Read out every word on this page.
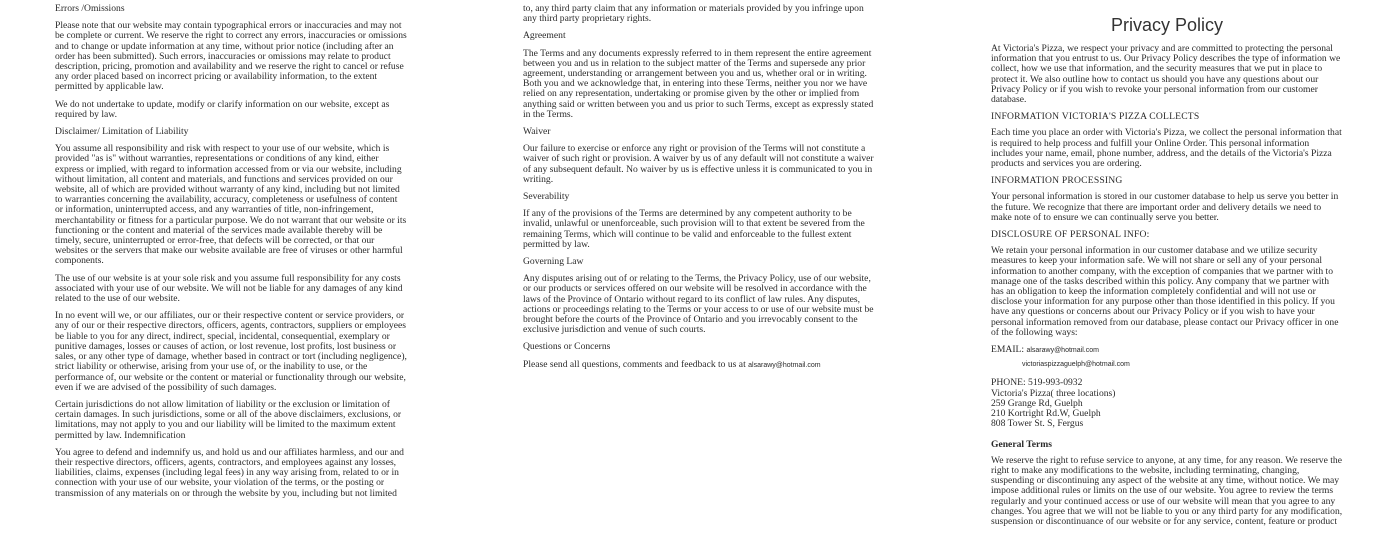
Errors /Omissions

Please note that our website may contain typographical errors or inaccuracies and may not be complete or current. We reserve the right to correct any errors, inaccuracies or omissions and to change or update information at any time, without prior notice (including after an order has been submitted). Such errors, inaccuracies or omissions may relate to product description, pricing, promotion and availability and we reserve the right to cancel or refuse any order placed based on incorrect pricing or availability information, to the extent permitted by applicable law.

We do not undertake to update, modify or clarify information on our website, except as required by law.

Disclaimer/ Limitation of Liability

You assume all responsibility and risk with respect to your use of our website, which is provided "as is" without warranties, representations or conditions of any kind, either express or implied, with regard to information accessed from or via our website, including without limitation, all content and materials, and functions and services provided on our website, all of which are provided without warranty of any kind, including but not limited to warranties concerning the availability, accuracy, completeness or usefulness of content or information, uninterrupted access, and any warranties of title, non-infringement, merchantability or fitness for a particular purpose. We do not warrant that our website or its functioning or the content and material of the services made available thereby will be timely, secure, uninterrupted or error-free, that defects will be corrected, or that our websites or the servers that make our website available are free of viruses or other harmful components.

The use of our website is at your sole risk and you assume full responsibility for any costs associated with your use of our website. We will not be liable for any damages of any kind related to the use of our website.

In no event will we, or our affiliates, our or their respective content or service providers, or any of our or their respective directors, officers, agents, contractors, suppliers or employees be liable to you for any direct, indirect, special, incidental, consequential, exemplary or punitive damages, losses or causes of action, or lost revenue, lost profits, lost business or sales, or any other type of damage, whether based in contract or tort (including negligence), strict liability or otherwise, arising from your use of, or the inability to use, or the performance of, our website or the content or material or functionality through our website, even if we are advised of the possibility of such damages.

Certain jurisdictions do not allow limitation of liability or the exclusion or limitation of certain damages. In such jurisdictions, some or all of the above disclaimers, exclusions, or limitations, may not apply to you and our liability will be limited to the maximum extent permitted by law. Indemnification

You agree to defend and indemnify us, and hold us and our affiliates harmless, and our and their respective directors, officers, agents, contractors, and employees against any losses, liabilities, claims, expenses (including legal fees) in any way arising from, related to or in connection with your use of our website, your violation of the terms, or the posting or transmission of any materials on or through the website by you, including but not limited

to, any third party claim that any information or materials provided by you infringe upon any third party proprietary rights.

Agreement

The Terms and any documents expressly referred to in them represent the entire agreement between you and us in relation to the subject matter of the Terms and supersede any prior agreement, understanding or arrangement between you and us, whether oral or in writing. Both you and we acknowledge that, in entering into these Terms, neither you nor we have relied on any representation, undertaking or promise given by the other or implied from anything said or written between you and us prior to such Terms, except as expressly stated in the Terms.

Waiver

Our failure to exercise or enforce any right or provision of the Terms will not constitute a waiver of such right or provision. A waiver by us of any default will not constitute a waiver of any subsequent default. No waiver by us is effective unless it is communicated to you in writing.

Severability

If any of the provisions of the Terms are determined by any competent authority to be invalid, unlawful or unenforceable, such provision will to that extent be severed from the remaining Terms, which will continue to be valid and enforceable to the fullest extent permitted by law.

Governing Law

Any disputes arising out of or relating to the Terms, the Privacy Policy, use of our website, or our products or services offered on our website will be resolved in accordance with the laws of the Province of Ontario without regard to its conflict of law rules. Any disputes, actions or proceedings relating to the Terms or your access to or use of our website must be brought before the courts of the Province of Ontario and you irrevocably consent to the exclusive jurisdiction and venue of such courts.

Questions or Concerns

Please send all questions, comments and feedback to us at alsarawy@hotmail.com

Privacy Policy

At Victoria's Pizza, we respect your privacy and are committed to protecting the personal information that you entrust to us. Our Privacy Policy describes the type of information we collect, how we use that information, and the security measures that we put in place to protect it. We also outline how to contact us should you have any questions about our Privacy Policy or if you wish to revoke your personal information from our customer database.

INFORMATION VICTORIA'S PIZZA COLLECTS

Each time you place an order with Victoria's Pizza, we collect the personal information that is required to help process and fulfill your Online Order. This personal information includes your name, email, phone number, address, and the details of the Victoria's Pizza products and services you are ordering.

INFORMATION PROCESSING

Your personal information is stored in our customer database to help us serve you better in the future. We recognize that there are important order and delivery details we need to make note of to ensure we can continually serve you better.

DISCLOSURE OF PERSONAL INFO:

We retain your personal information in our customer database and we utilize security measures to keep your information safe. We will not share or sell any of your personal information to another company, with the exception of companies that we partner with to manage one of the tasks described within this policy. Any company that we partner with has an obligation to keep the information completely confidential and will not use or disclose your information for any purpose other than those identified in this policy. If you have any questions or concerns about our Privacy Policy or if you wish to have your personal information removed from our database, please contact our Privacy officer in one of the following ways:

EMAIL: alsarawy@hotmail.com
victoriaspizzaguelph@hotmail.com
PHONE: 519-993-0932
Victoria's Pizza( three locations)
259 Grange Rd, Guelph
210 Kortright Rd.W, Guelph
808 Tower St. S, Fergus
General Terms

We reserve the right to refuse service to anyone, at any time, for any reason. We reserve the right to make any modifications to the website, including terminating, changing, suspending or discontinuing any aspect of the website at any time, without notice. We may impose additional rules or limits on the use of our website. You agree to review the terms regularly and your continued access or use of our website will mean that you agree to any changes. You agree that we will not be liable to you or any third party for any modification, suspension or discontinuance of our website or for any service, content, feature or product
